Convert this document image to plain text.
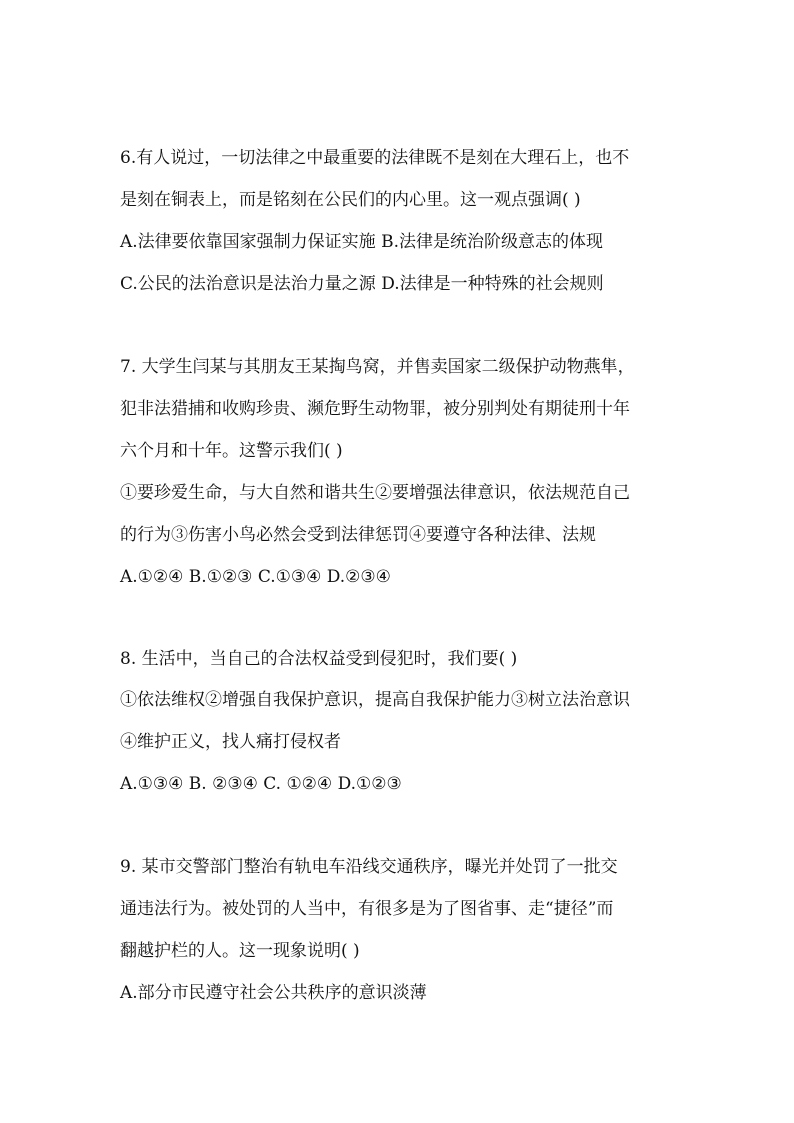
6.有人说过，一切法律之中最重要的法律既不是刻在大理石上，也不
是刻在铜表上，而是铭刻在公民们的内心里。这一观点强调( )
A.法律要依靠国家强制力保证实施 B.法律是统治阶级意志的体现
C.公民的法治意识是法治力量之源 D.法律是一种特殊的社会规则
7. 大学生闫某与其朋友王某掏鸟窝，并售卖国家二级保护动物燕隼，
犯非法猎捕和收购珍贵、濒危野生动物罪，被分别判处有期徒刑十年
六个月和十年。这警示我们( )
①要珍爱生命，与大自然和谐共生②要增强法律意识，依法规范自己
的行为③伤害小鸟必然会受到法律惩罚④要遵守各种法律、法规
A.①②④ B.①②③ C.①③④ D.②③④
8. 生活中，当自己的合法权益受到侵犯时，我们要( )
①依法维权②增强自我保护意识，提高自我保护能力③树立法治意识
④维护正义，找人痛打侵权者
A.①③④ B. ②③④ C. ①②④ D.①②③
9. 某市交警部门整治有轨电车沿线交通秩序，曝光并处罚了一批交
通违法行为。被处罚的人当中，有很多是为了图省事、走“捷径”而
翻越护栏的人。这一现象说明( )
A.部分市民遵守社会公共秩序的意识淡薄
